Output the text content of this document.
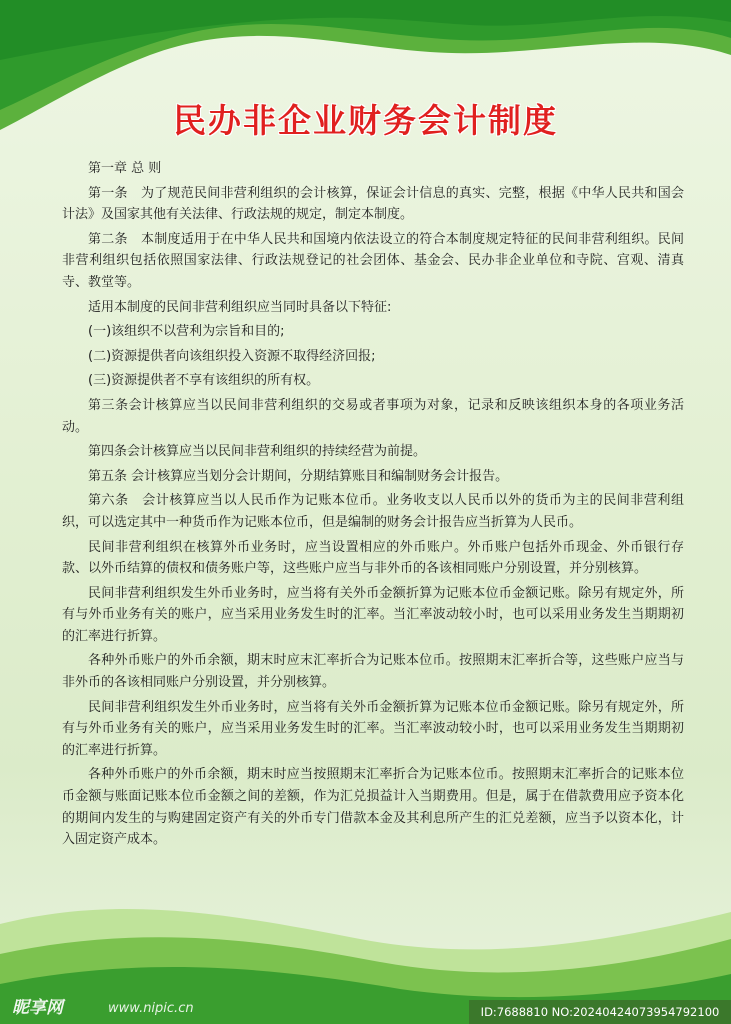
民办非企业财务会计制度

第一章 总 则

第一条　为了规范民间非营利组织的会计核算，保证会计信息的真实、完整，根据《中华人民共和国会计法》及国家其他有关法律、行政法规的规定，制定本制度。

第二条　本制度适用于在中华人民共和国境内依法设立的符合本制度规定特征的民间非营利组织。民间非营利组织包括依照国家法律、行政法规登记的社会团体、基金会、民办非企业单位和寺院、宫观、清真寺、教堂等。

适用本制度的民间非营利组织应当同时具备以下特征:

(一)该组织不以营利为宗旨和目的;

(二)资源提供者向该组织投入资源不取得经济回报;

(三)资源提供者不享有该组织的所有权。

第三条会计核算应当以民间非营利组织的交易或者事项为对象，记录和反映该组织本身的各项业务活动。

第四条会计核算应当以民间非营利组织的持续经营为前提。

第五条 会计核算应当划分会计期间，分期结算账目和编制财务会计报告。

第六条　会计核算应当以人民币作为记账本位币。业务收支以人民币以外的货币为主的民间非营利组织，可以选定其中一种货币作为记账本位币，但是编制的财务会计报告应当折算为人民币。

民间非营利组织在核算外币业务时，应当设置相应的外币账户。外币账户包括外币现金、外币银行存款、以外币结算的债权和债务账户等，这些账户应当与非外币的各该相同账户分别设置，并分别核算。

民间非营利组织发生外币业务时，应当将有关外币金额折算为记账本位币金额记账。除另有规定外，所有与外币业务有关的账户，应当采用业务发生时的汇率。当汇率波动较小时，也可以采用业务发生当期期初的汇率进行折算。

各种外币账户的外币余额，期末时应末汇率折合为记账本位币。按照期末汇率折合等，这些账户应当与非外币的各该相同账户分别设置，并分别核算。

民间非营利组织发生外币业务时，应当将有关外币金额折算为记账本位币金额记账。除另有规定外，所有与外币业务有关的账户，应当采用业务发生时的汇率。当汇率波动较小时，也可以采用业务发生当期期初的汇率进行折算。

各种外币账户的外币余额，期末时应当按照期末汇率折合为记账本位币。按照期末汇率折合的记账本位币金额与账面记账本位币金额之间的差额，作为汇兑损益计入当期费用。但是，属于在借款费用应予资本化的期间内发生的与购建固定资产有关的外币专门借款本金及其利息所产生的汇兑差额，应当予以资本化，计入固定资产成本。

昵享网	www.nipic.cn	ID:7688810 NO:20240424073954792100
